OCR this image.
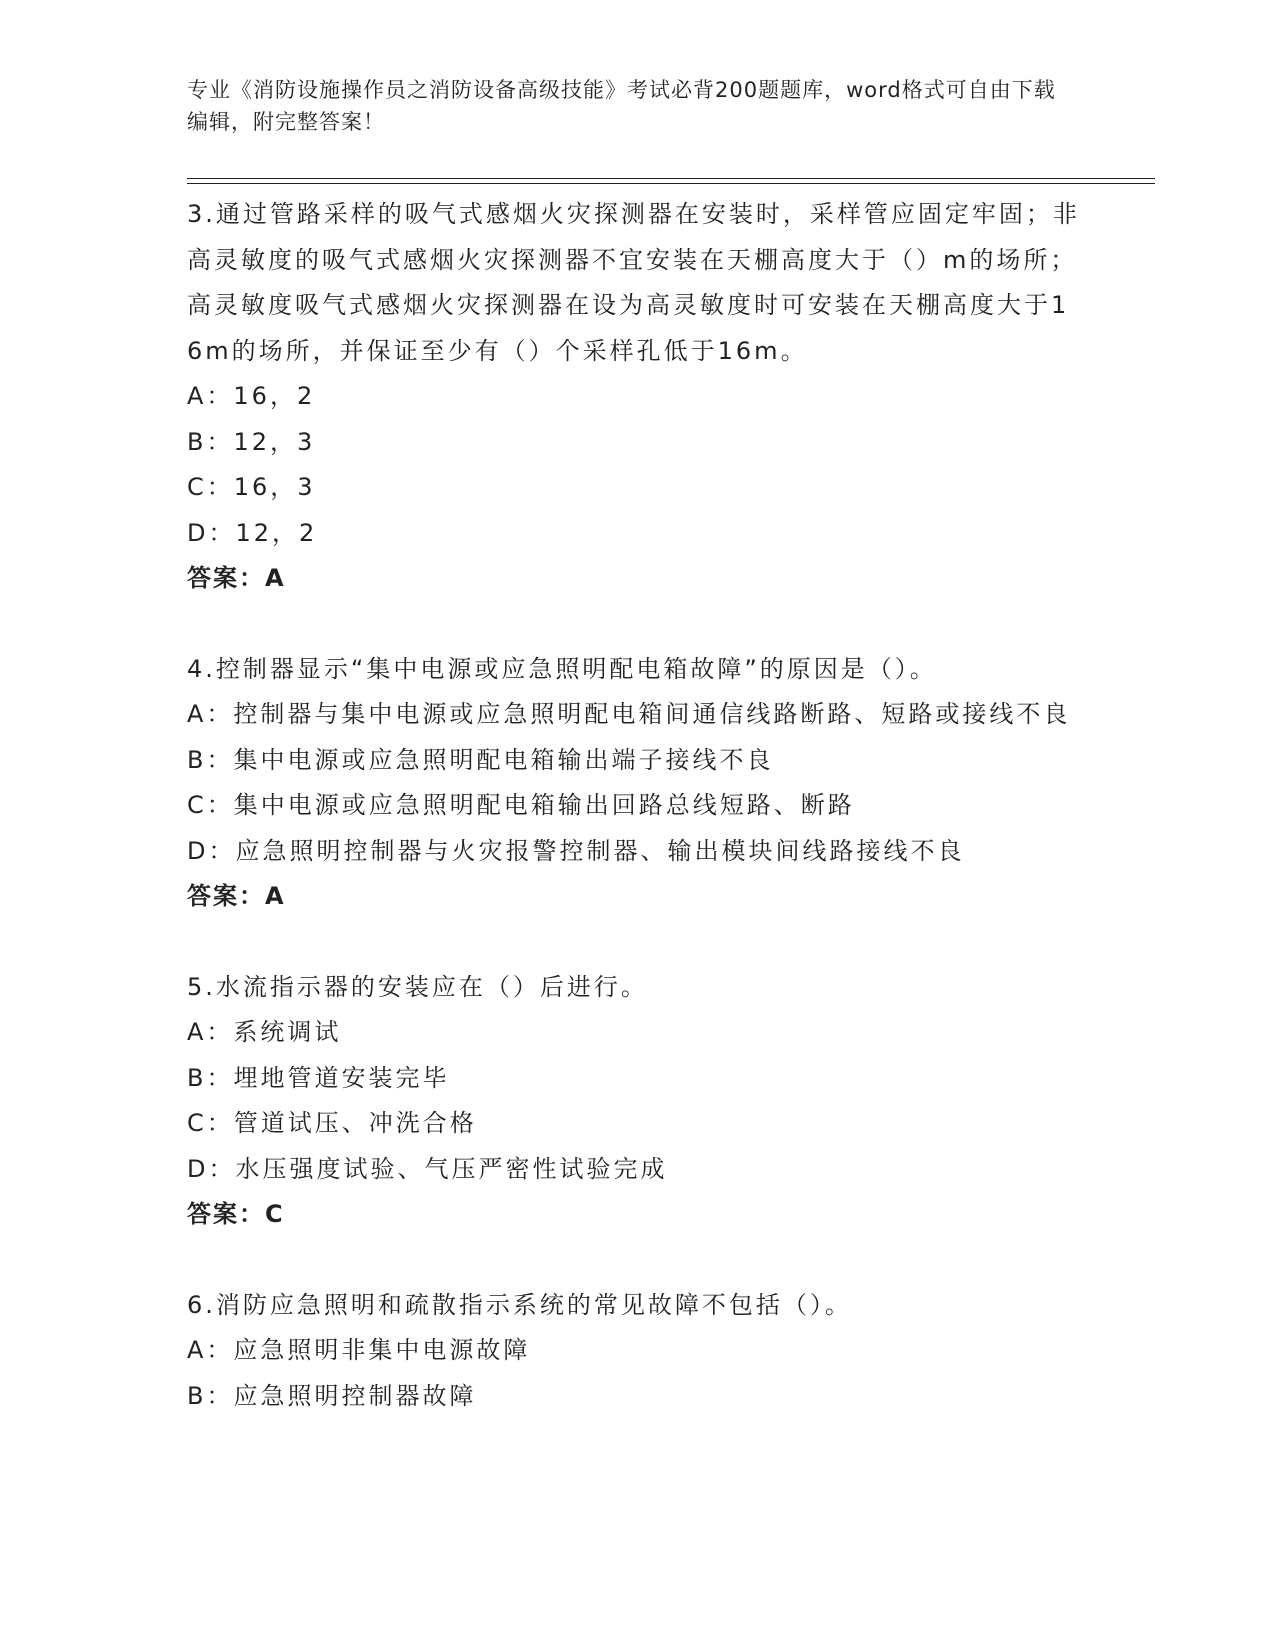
专业《消防设施操作员之消防设备高级技能》考试必背200题题库，word格式可自由下载编辑，附完整答案！

3.通过管路采样的吸气式感烟火灾探测器在安装时，采样管应固定牢固；非高灵敏度的吸气式感烟火灾探测器不宜安装在天棚高度大于（）m的场所；高灵敏度吸气式感烟火灾探测器在设为高灵敏度时可安装在天棚高度大于16m的场所，并保证至少有（）个采样孔低于16m。

A：16，2

B：12，3

C：16，3

D：12，2

答案：A

4.控制器显示“集中电源或应急照明配电箱故障”的原因是（）。

A：控制器与集中电源或应急照明配电箱间通信线路断路、短路或接线不良

B：集中电源或应急照明配电箱输出端子接线不良

C：集中电源或应急照明配电箱输出回路总线短路、断路

D：应急照明控制器与火灾报警控制器、输出模块间线路接线不良

答案：A

5.水流指示器的安装应在（）后进行。

A：系统调试

B：埋地管道安装完毕

C：管道试压、冲洗合格

D：水压强度试验、气压严密性试验完成

答案：C

6.消防应急照明和疏散指示系统的常见故障不包括（）。

A：应急照明非集中电源故障

B：应急照明控制器故障
